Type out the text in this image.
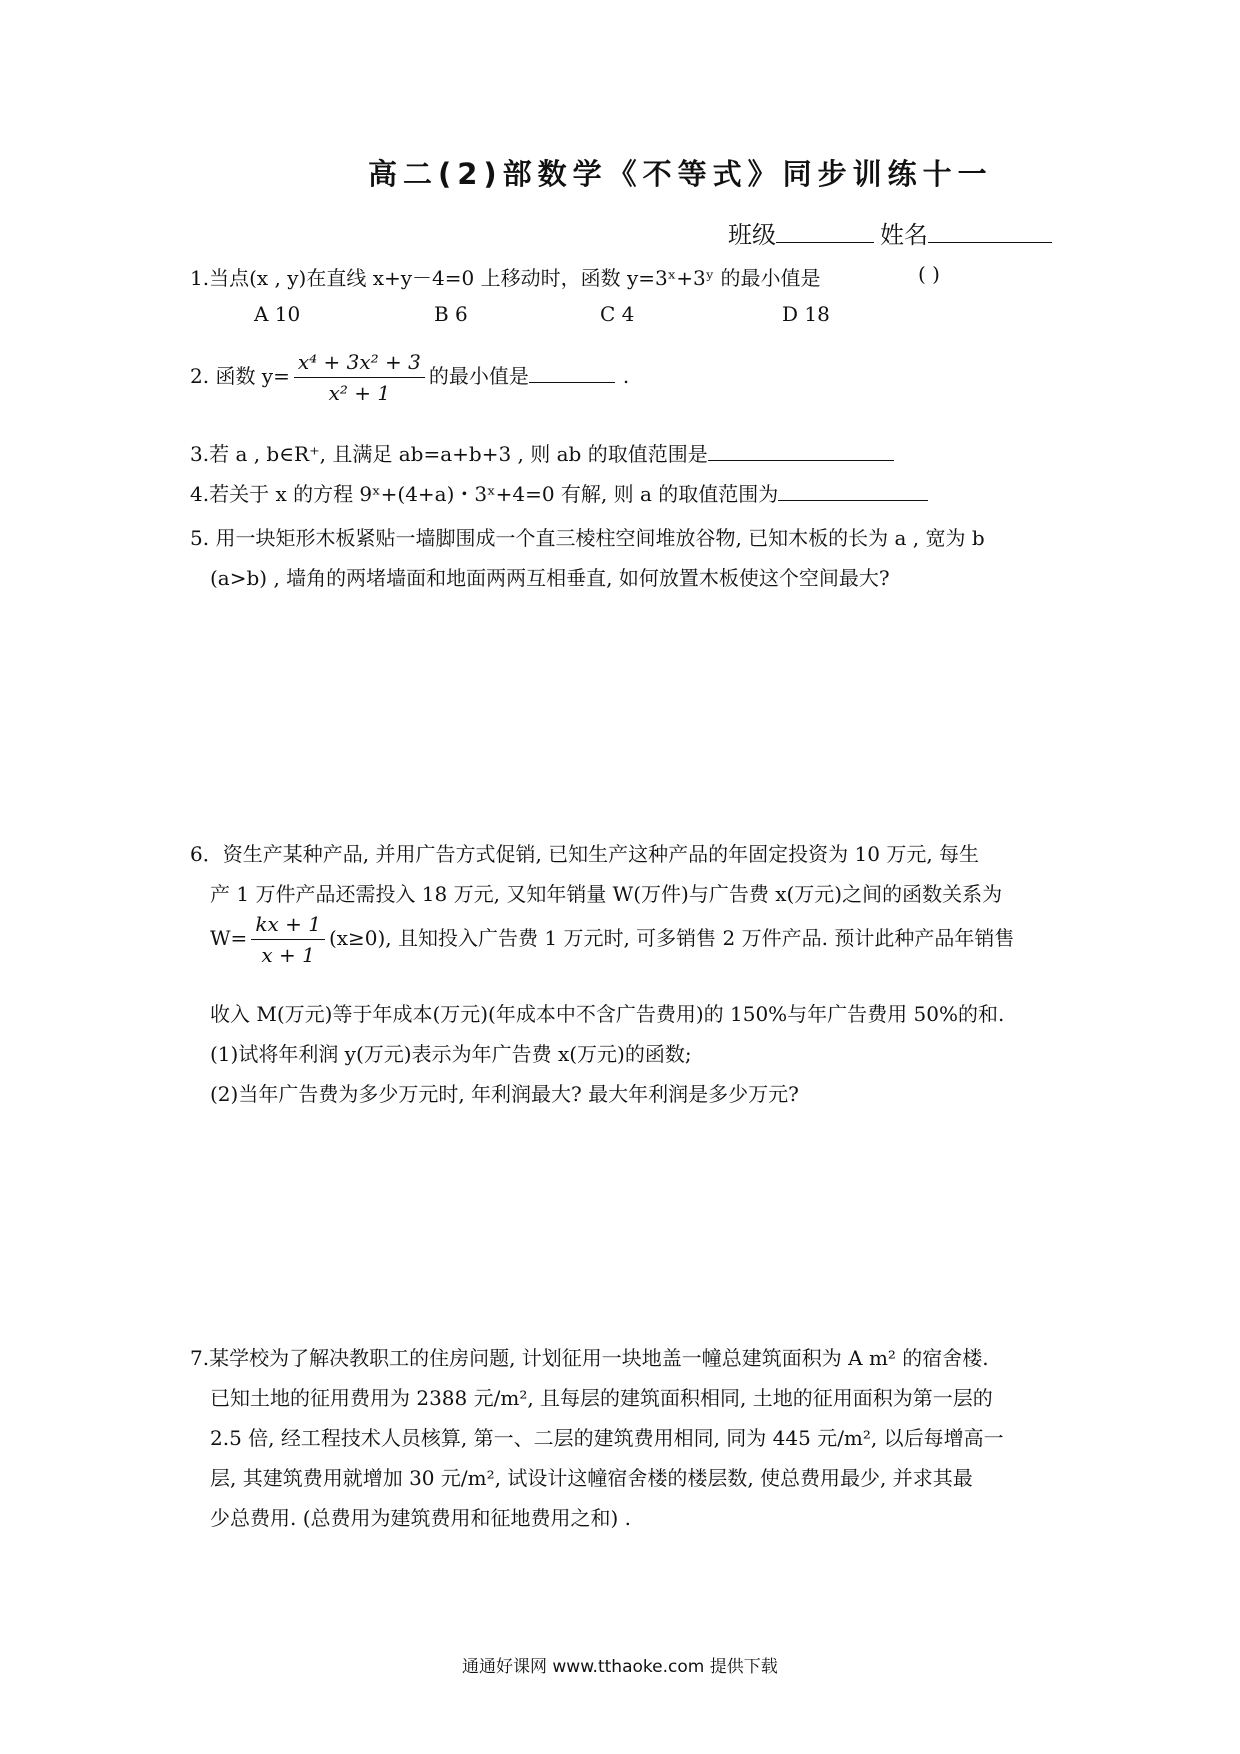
高二(2)部数学《不等式》同步训练十一
班级	姓名
1.当点(x , y)在直线 x+y－4=0 上移动时，函数 y=3ˣ+3ʸ 的最小值是	( )
A 10	B 6	C 4	D 18
2. 函数 $y= \frac{\text{x⁴ + 3x² + 3}}{\text{x² + 1}}$ 的最小值是	.
3.若 a , b∈R⁺, 且满足 ab=a+b+3 , 则 ab 的取值范围是
4.若关于 x 的方程 9ˣ+(4+a)・3ˣ+4=0 有解, 则 a 的取值范围为
5. 用一块矩形木板紧贴一墙脚围成一个直三棱柱空间堆放谷物, 已知木板的长为 a , 宽为 b
(a>b) , 墙角的两堵墙面和地面两两互相垂直, 如何放置木板使这个空间最大?
6．资生产某种产品, 并用广告方式促销, 已知生产这种产品的年固定投资为 10 万元, 每生
产 1 万件产品还需投入 18 万元, 又知年销量 W(万件)与广告费 x(万元)之间的函数关系为
$W= \frac{kx + 1}{x + 1} (x\ge 0)$, 且知投入广告费 1 万元时, 可多销售 2 万件产品. 预计此种产品年销售
收入 M(万元)等于年成本(万元)(年成本中不含广告费用)的 150%与年广告费用 50%的和.
(1)试将年利润 y(万元)表示为年广告费 x(万元)的函数;
(2)当年广告费为多少万元时, 年利润最大? 最大年利润是多少万元?
7.某学校为了解决教职工的住房问题, 计划征用一块地盖一幢总建筑面积为 A m² 的宿舍楼.
已知土地的征用费用为 2388 元/m², 且每层的建筑面积相同, 土地的征用面积为第一层的
2.5 倍, 经工程技术人员核算, 第一、二层的建筑费用相同, 同为 445 元/m², 以后每增高一
层, 其建筑费用就增加 30 元/m², 试设计这幢宿舍楼的楼层数, 使总费用最少, 并求其最
少总费用. (总费用为建筑费用和征地费用之和) .
通通好课网 www.tthaoke.com 提供下载
